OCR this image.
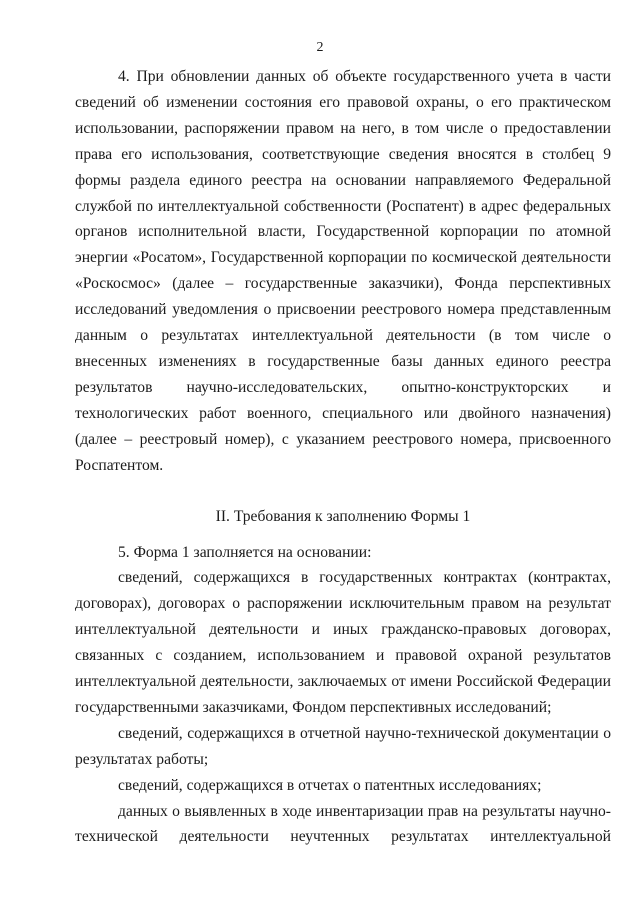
2

4. При обновлении данных об объекте государственного учета в части сведений об изменении состояния его правовой охраны, о его практическом использовании, распоряжении правом на него, в том числе о предоставлении права его использования, соответствующие сведения вносятся в столбец 9 формы раздела единого реестра на основании направляемого Федеральной службой по интеллектуальной собственности (Роспатент) в адрес федеральных органов исполнительной власти, Государственной корпорации по атомной энергии «Росатом», Государственной корпорации по космической деятельности «Роскосмос» (далее – государственные заказчики), Фонда перспективных исследований уведомления о присвоении реестрового номера представленным данным о результатах интеллектуальной деятельности (в том числе о внесенных изменениях в государственные базы данных единого реестра результатов научно-исследовательских, опытно-конструкторских и технологических работ военного, специального или двойного назначения) (далее – реестровый номер), с указанием реестрового номера, присвоенного Роспатентом.

II. Требования к заполнению Формы 1

5. Форма 1 заполняется на основании:

сведений, содержащихся в государственных контрактах (контрактах, договорах), договорах о распоряжении исключительным правом на результат интеллектуальной деятельности и иных гражданско-правовых договорах, связанных с созданием, использованием и правовой охраной результатов интеллектуальной деятельности, заключаемых от имени Российской Федерации государственными заказчиками, Фондом перспективных исследований;

сведений, содержащихся в отчетной научно-технической документации о результатах работы;

сведений, содержащихся в отчетах о патентных исследованиях;

данных о выявленных в ходе инвентаризации прав на результаты научно-технической деятельности неучтенных результатах интеллектуальной
